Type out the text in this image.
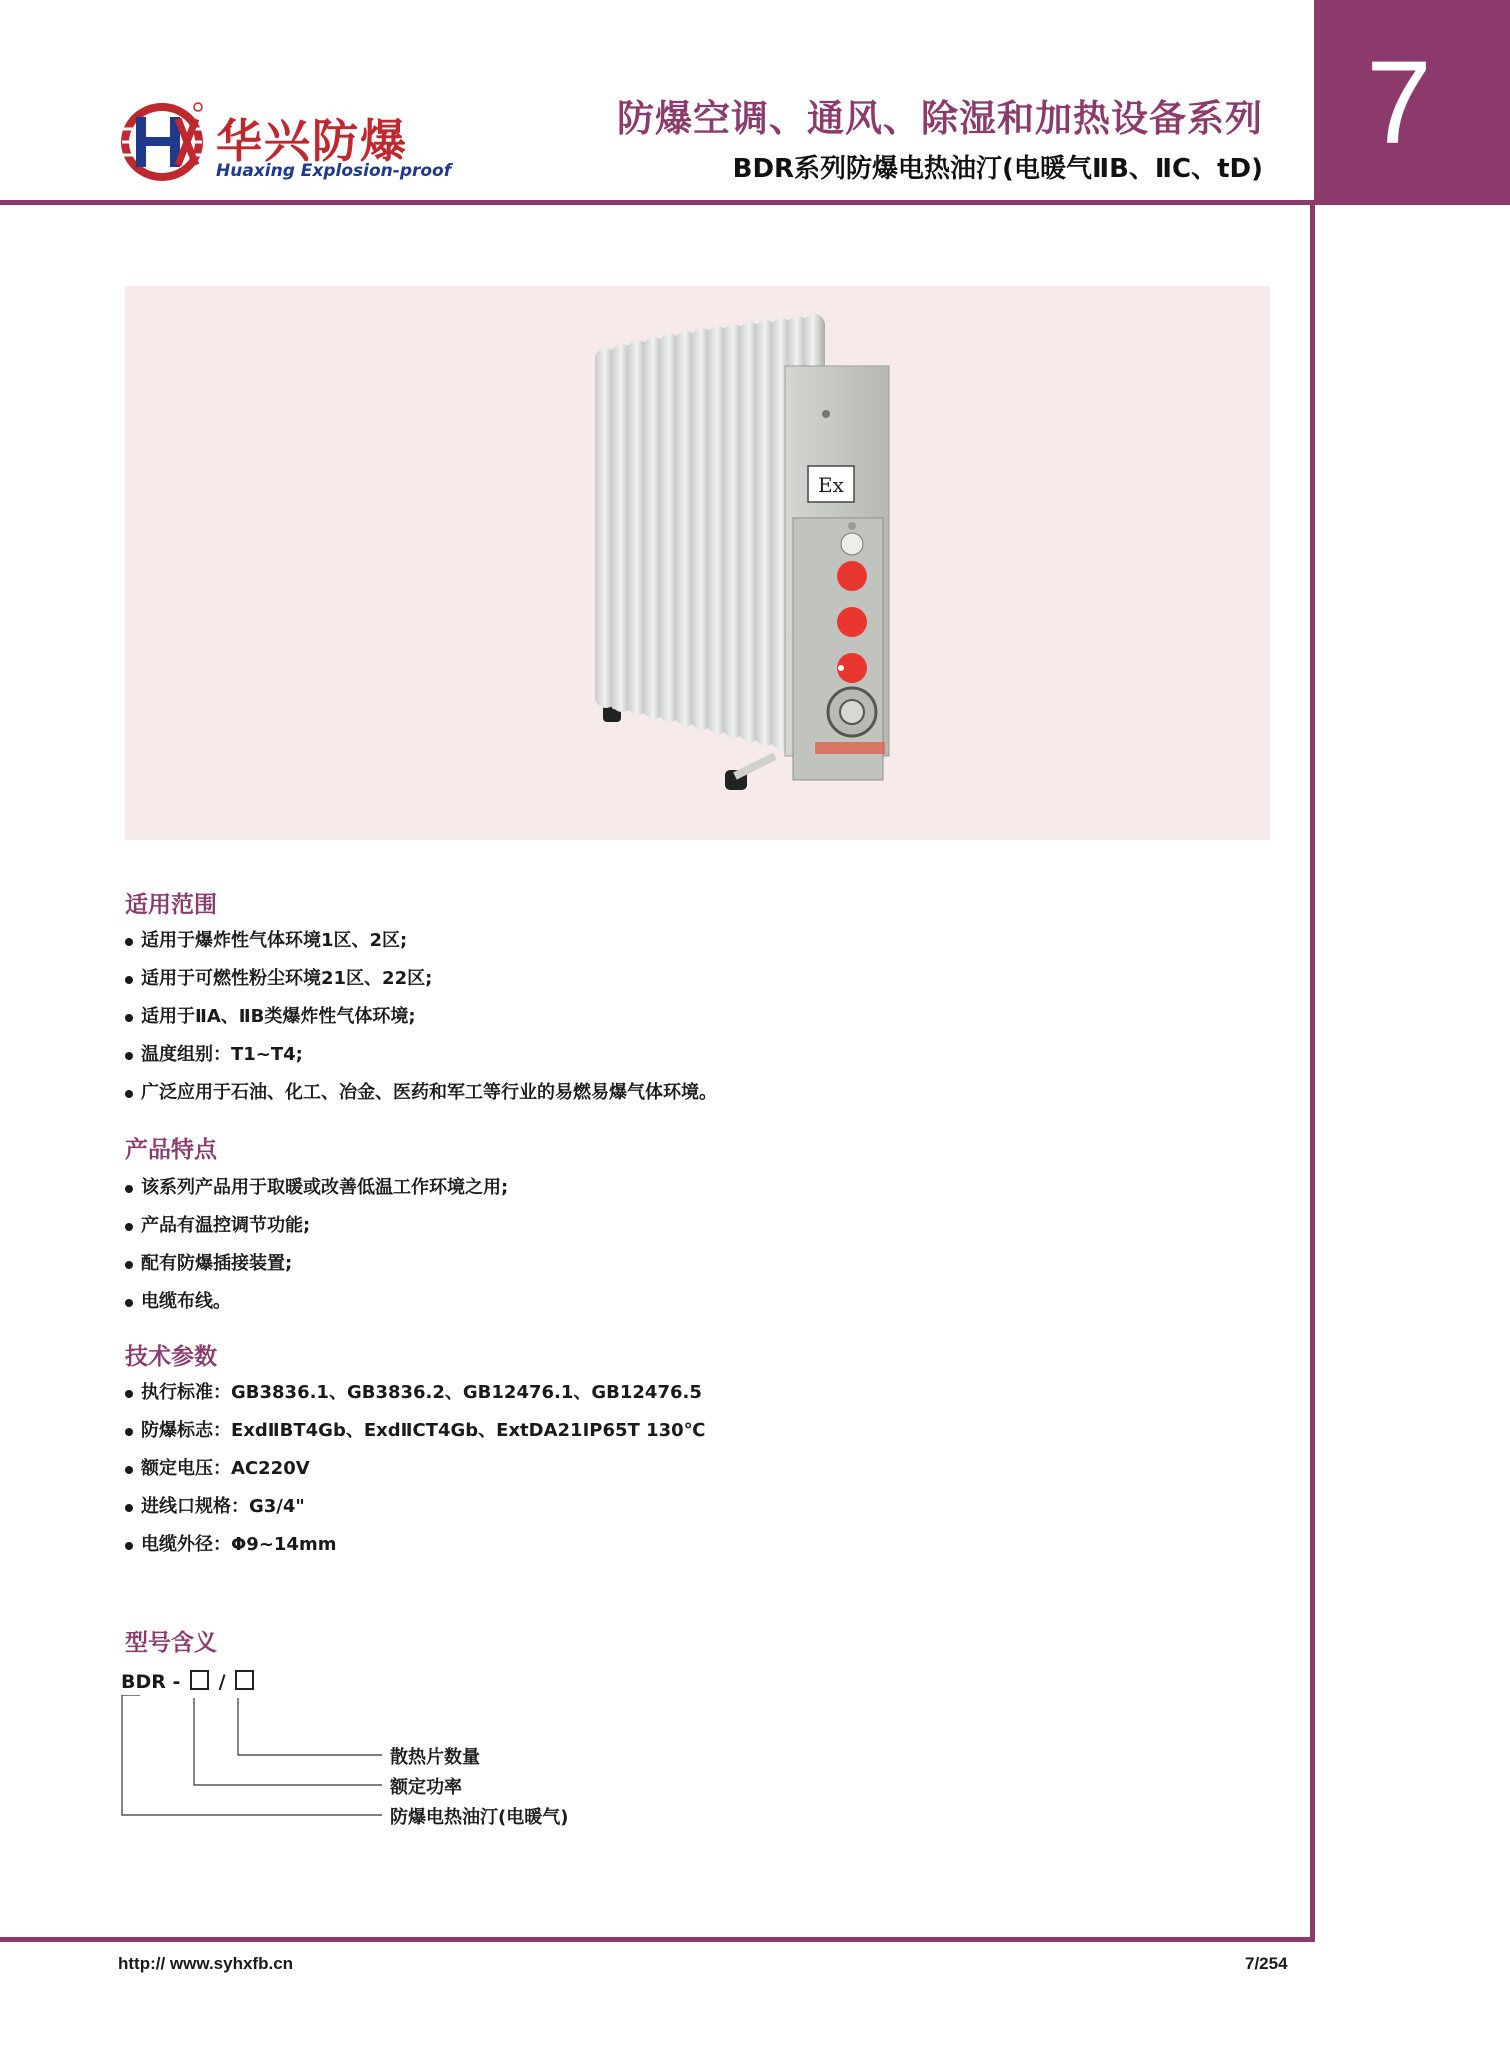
华兴防爆
Huaxing Explosion-proof
防爆空调、通风、除湿和加热设备系列
BDR系列防爆电热油汀(电暖气ⅡB、ⅡC、tD) 7
Ex
适用范围
适用于爆炸性气体环境1区、2区;
适用于可燃性粉尘环境21区、22区;
适用于ⅡA、ⅡB类爆炸性气体环境;
温度组别：T1~T4;
广泛应用于石油、化工、冶金、医药和军工等行业的易燃易爆气体环境。
产品特点
该系列产品用于取暖或改善低温工作环境之用;
产品有温控调节功能;
配有防爆插接装置;
电缆布线。
技术参数
执行标准：GB3836.1、GB3836.2、GB12476.1、GB12476.5
防爆标志：ExdⅡBT4Gb、ExdⅡCT4Gb、ExtDA21IP65T 130℃
额定电压：AC220V
进线口规格：G3/4"
电缆外径：Φ9~14mm
型号含义
BDR - /
散热片数量
额定功率
防爆电热油汀(电暖气)
http:// www.syhxfb.cn	7/254
